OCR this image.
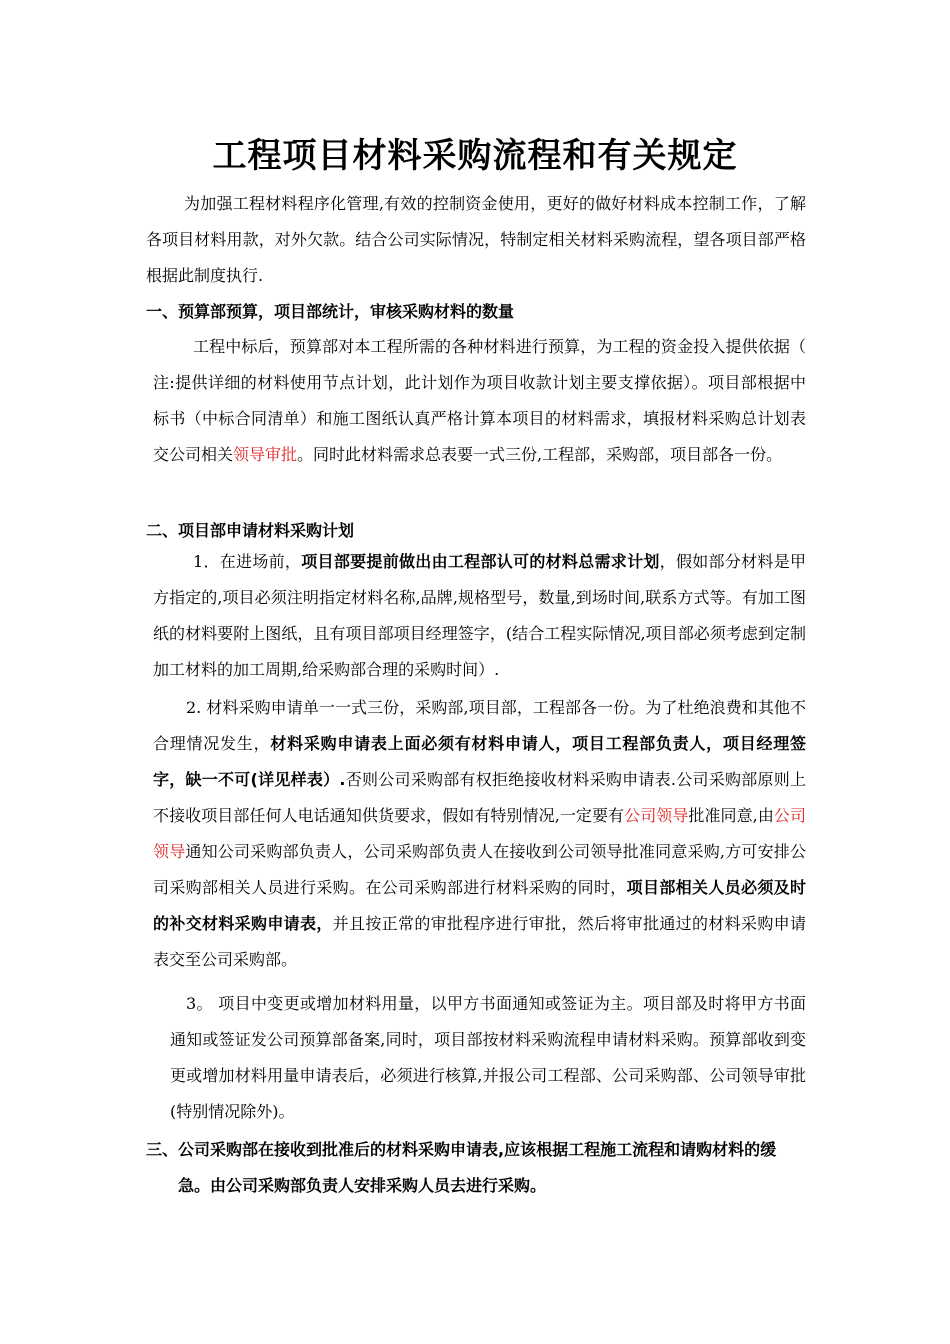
工程项目材料采购流程和有关规定

为加强工程材料程序化管理,有效的控制资金使用，更好的做好材料成本控制工作，了解各项目材料用款，对外欠款。结合公司实际情况，特制定相关材料采购流程，望各项目部严格根据此制度执行.

一、预算部预算，项目部统计，审核采购材料的数量

工程中标后，预算部对本工程所需的各种材料进行预算，为工程的资金投入提供依据（ 注:提供详细的材料使用节点计划，此计划作为项目收款计划主要支撑依据）。项目部根据中标书（中标合同清单）和施工图纸认真严格计算本项目的材料需求，填报材料采购总计划表交公司相关领导审批。同时此材料需求总表要一式三份,工程部，采购部，项目部各一份。

二、项目部申请材料采购计划

1．在进场前，项目部要提前做出由工程部认可的材料总需求计划，假如部分材料是甲方指定的,项目必须注明指定材料名称,品牌,规格型号，数量,到场时间,联系方式等。有加工图纸的材料要附上图纸，且有项目部项目经理签字，(结合工程实际情况,项目部必须考虑到定制加工材料的加工周期,给采购部合理的采购时间）.

2. 材料采购申请单一一式三份，采购部,项目部，工程部各一份。为了杜绝浪费和其他不合理情况发生，材料采购申请表上面必须有材料申请人，项目工程部负责人，项目经理签字，缺一不可(详见样表）.否则公司采购部有权拒绝接收材料采购申请表.公司采购部原则上不接收项目部任何人电话通知供货要求，假如有特别情况,一定要有公司领导批准同意,由公司领导通知公司采购部负责人，公司采购部负责人在接收到公司领导批准同意采购,方可安排公司采购部相关人员进行采购。在公司采购部进行材料采购的同时，项目部相关人员必须及时的补交材料采购申请表，并且按正常的审批程序进行审批，然后将审批通过的材料采购申请表交至公司采购部。

3。 项目中变更或增加材料用量，以甲方书面通知或签证为主。项目部及时将甲方书面通知或签证发公司预算部备案,同时，项目部按材料采购流程申请材料采购。预算部收到变更或增加材料用量申请表后，必须进行核算,并报公司工程部、公司采购部、公司领导审批(特别情况除外)。

三、公司采购部在接收到批准后的材料采购申请表,应该根据工程施工流程和请购材料的缓急。由公司采购部负责人安排采购人员去进行采购。
